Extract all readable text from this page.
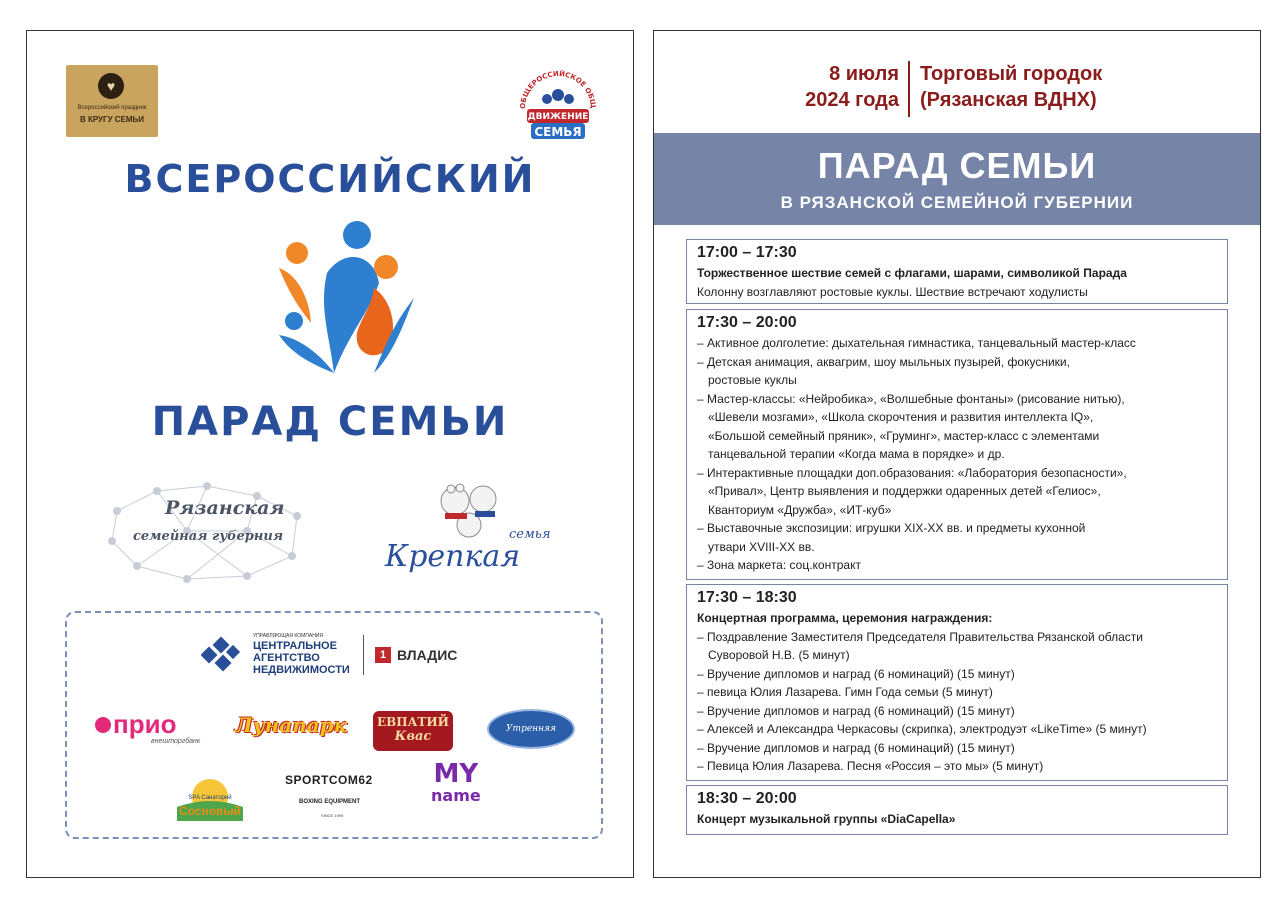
♥
Всероссийский праздник
В КРУГУ СЕМЬИ
ОБЩЕРОССИЙСКОЕ ОБЩ
ДВИЖЕНИЕ
СЕМЬЯ
ВСЕРОССИЙСКИЙ
ПАРАД СЕМЬИ
Рязанская
семейная губерния	семья
Крепкая
УПРАВЛЯЮЩАЯ КОМПАНИЯ
ЦЕНТРАЛЬНОЕ
АГЕНТСТВО
НЕДВИЖИМОСТИ
1 ВЛАДИС
прио
внешторгбанк
Лунапарк	ЕВПАТИЙ
Квас	Утренняя Звезда
SPA Санаторий
Сосновый
SPORTCOM62
BOXING EQUIPMENT
SINCE 1999
MY
name
8 июля
2024 года
Торговый городок
(Рязанская ВДНХ)
ПАРАД СЕМЬИ
В РЯЗАНСКОЙ СЕМЕЙНОЙ ГУБЕРНИИ
17:00 – 17:30
Торжественное шествие семей с флагами, шарами, символикой Парада
Колонну возглавляют ростовые куклы. Шествие встречают ходулисты
17:30 – 20:00
– Активное долголетие: дыхательная гимнастика, танцевальный мастер-класс
– Детская анимация, аквагрим, шоу мыльных пузырей, фокусники,
ростовые куклы
– Мастер-классы: «Нейробика», «Волшебные фонтаны» (рисование нитью),
«Шевели мозгами», «Школа скорочтения и развития интеллекта IQ»,
«Большой семейный пряник», «Груминг», мастер-класс с элементами
танцевальной терапии «Когда мама в порядке» и др.
– Интерактивные площадки доп.образования: «Лаборатория безопасности»,
«Привал», Центр выявления и поддержки одаренных детей «Гелиос»,
Кванториум «Дружба», «ИТ-куб»
– Выставочные экспозиции: игрушки XIX-XX вв. и предметы кухонной
утвари XVIII-XX вв.
– Зона маркета: соц.контракт
17:30 – 18:30
Концертная программа, церемония награждения:
– Поздравление Заместителя Председателя Правительства Рязанской области
Суворовой Н.В. (5 минут)
– Вручение дипломов и наград (6 номинаций) (15 минут)
– певица Юлия Лазарева. Гимн Года семьи (5 минут)
– Вручение дипломов и наград (6 номинаций) (15 минут)
– Алексей и Александра Черкасовы (скрипка), электродуэт «LikeTime» (5 минут)
– Вручение дипломов и наград (6 номинаций) (15 минут)
– Певица Юлия Лазарева. Песня «Россия – это мы» (5 минут)
18:30 – 20:00
Концерт музыкальной группы «DiaCapella»
